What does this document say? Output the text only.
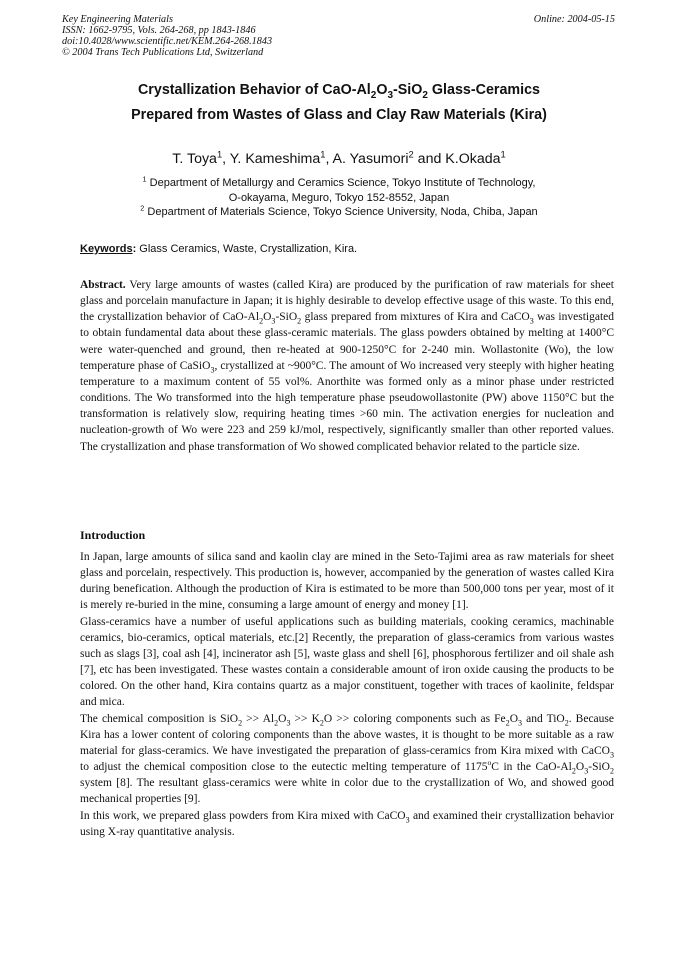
Key Engineering Materials
ISSN: 1662-9795, Vols. 264-268, pp 1843-1846
doi:10.4028/www.scientific.net/KEM.264-268.1843
© 2004 Trans Tech Publications Ltd, Switzerland
Online: 2004-05-15
Crystallization Behavior of CaO-$Al_2O_3-SiO_2$ Glass-Ceramics
Prepared from Wastes of Glass and Clay Raw Materials (Kira)
T. Toya$^1$, Y. Kameshima$^1$, A. Yasumori$^2$ and K.Okada$^1$
$^1$ Department of Metallurgy and Ceramics Science, Tokyo Institute of Technology,
O-okayama, Meguro, Tokyo 152-8552, Japan
$^2$ Department of Materials Science, Tokyo Science University, Noda, Chiba, Japan
Keywords: Glass Ceramics, Waste, Crystallization, Kira.
Abstract. Very large amounts of wastes (called Kira) are produced by the purification of raw materials for sheet glass and porcelain manufacture in Japan; it is highly desirable to develop effective usage of this waste. To this end, the crystallization behavior of CaO-$Al_2O_3-SiO_2$ glass prepared from mixtures of Kira and CaCO$_3$ was investigated to obtain fundamental data about these glass-ceramic materials. The glass powders obtained by melting at 1400°C were water-quenched and ground, then re-heated at 900-1250°C for 2-240 min. Wollastonite (Wo), the low temperature phase of CaSiO$_3$, crystallized at ~900°C. The amount of Wo increased very steeply with higher heating temperature to a maximum content of 55 vol%. Anorthite was formed only as a minor phase under restricted conditions. The Wo transformed into the high temperature phase pseudowollastonite (PW) above 1150°C but the transformation is relatively slow, requiring heating times >60 min. The activation energies for nucleation and nucleation-growth of Wo were 223 and 259 kJ/mol, respectively, significantly smaller than other reported values. The crystallization and phase transformation of Wo showed complicated behavior related to the particle size.
Introduction

In Japan, large amounts of silica sand and kaolin clay are mined in the Seto-Tajimi area as raw materials for sheet glass and porcelain, respectively. This production is, however, accompanied by the generation of wastes called Kira during benefication. Although the production of Kira is estimated to be more than 500,000 tons per year, most of it is merely re-buried in the mine, consuming a large amount of energy and money [1].

Glass-ceramics have a number of useful applications such as building materials, cooking ceramics, machinable ceramics, bio-ceramics, optical materials, etc.[2] Recently, the preparation of glass-ceramics from various wastes such as slags [3], coal ash [4], incinerator ash [5], waste glass and shell [6], phosphorous fertilizer and oil shale ash [7], etc has been investigated. These wastes contain a considerable amount of iron oxide causing the products to be colored. On the other hand, Kira contains quartz as a major constituent, together with traces of kaolinite, feldspar and mica.

The chemical composition is $SiO_2 >> Al_2O_3 >> K_2O$ >> coloring components such as $Fe_2O_3$ and TiO$_2$. Because Kira has a lower content of coloring components than the above wastes, it is thought to be more suitable as a raw material for glass-ceramics. We have investigated the preparation of glass-ceramics from Kira mixed with CaCO$_3$ to adjust the chemical composition close to the eutectic melting temperature of 1175$^o$C in the CaO-$Al_2O_3-SiO_2$ system [8]. The resultant glass-ceramics were white in color due to the crystallization of Wo, and showed good mechanical properties [9].

In this work, we prepared glass powders from Kira mixed with CaCO$_3$ and examined their crystallization behavior using X-ray quantitative analysis.
